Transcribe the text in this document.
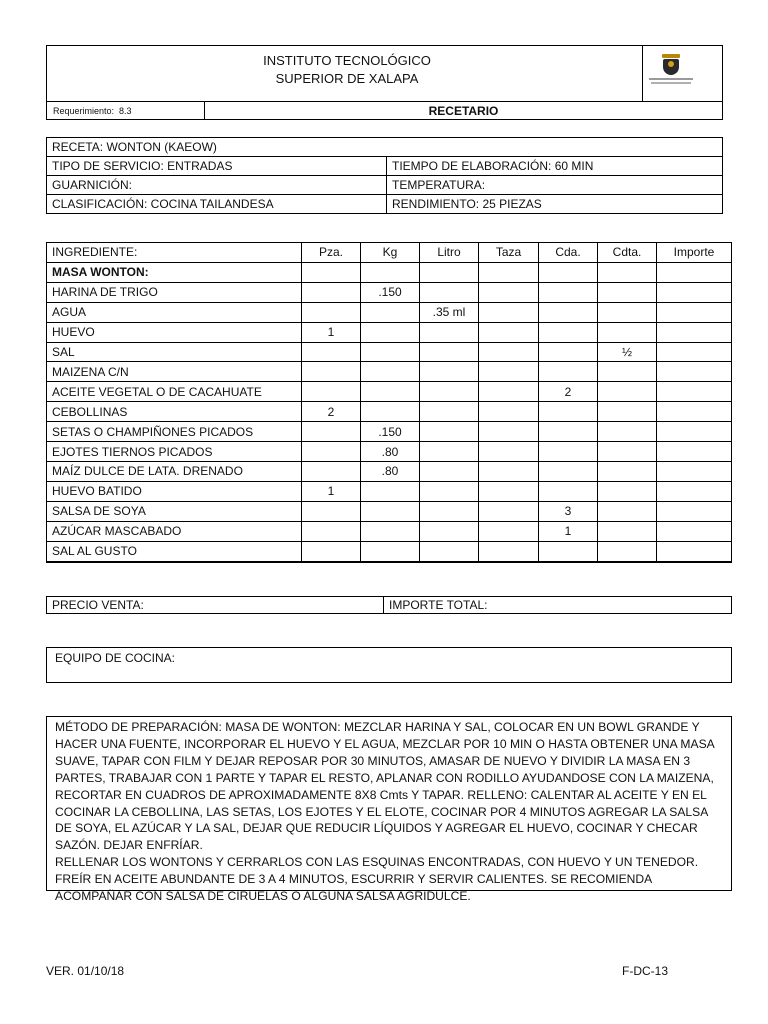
INSTITUTO TECNOLÓGICO
SUPERIOR DE XALAPA
Requerimiento: 8.3	RECETARIO
RECETA: WONTON (KAEOW)	
TIPO DE SERVICIO: ENTRADAS	TIEMPO DE ELABORACIÓN: 60 MIN
GUARNICIÓN:	TEMPERATURA:
CLASIFICACIÓN: COCINA TAILANDESA	RENDIMIENTO: 25 PIEZAS
INGREDIENTE:	Pza.	Kg	Litro	Taza	Cda.	Cdta.	Importe
MASA WONTON:							
HARINA DE TRIGO		.150					
AGUA			.35 ml				
HUEVO	1						
SAL						½	
MAIZENA C/N							
ACEITE VEGETAL O DE CACAHUATE					2		
CEBOLLINAS	2						
SETAS O CHAMPIÑONES PICADOS		.150					
EJOTES TIERNOS PICADOS		.80					
MAÍZ DULCE DE LATA. DRENADO		.80					
HUEVO BATIDO	1						
SALSA DE SOYA					3		
AZÚCAR MASCABADO					1		
SAL AL GUSTO							

PRECIO VENTA:	IMPORTE TOTAL:
EQUIPO DE COCINA:

MÉTODO DE PREPARACIÓN: MASA DE WONTON: MEZCLAR HARINA Y SAL, COLOCAR EN UN BOWL GRANDE Y HACER UNA FUENTE, INCORPORAR EL HUEVO Y EL AGUA, MEZCLAR POR 10 MIN O HASTA OBTENER UNA MASA SUAVE, TAPAR CON FILM Y DEJAR REPOSAR POR 30 MINUTOS, AMASAR DE NUEVO Y DIVIDIR LA MASA EN 3 PARTES, TRABAJAR CON 1 PARTE Y TAPAR EL RESTO, APLANAR CON RODILLO AYUDANDOSE CON LA MAIZENA, RECORTAR EN CUADROS DE APROXIMADAMENTE 8X8 Cmts Y TAPAR. RELLENO: CALENTAR AL ACEITE Y EN EL COCINAR LA CEBOLLINA, LAS SETAS, LOS EJOTES Y EL ELOTE, COCINAR POR 4 MINUTOS AGREGAR LA SALSA DE SOYA, EL AZÚCAR Y LA SAL, DEJAR QUE REDUCIR LÍQUIDOS Y AGREGAR EL HUEVO, COCINAR Y CHECAR SAZÓN. DEJAR ENFRÍAR.

RELLENAR LOS WONTONS Y CERRARLOS CON LAS ESQUINAS ENCONTRADAS, CON HUEVO Y UN TENEDOR. FREÍR EN ACEITE ABUNDANTE DE 3 A 4 MINUTOS, ESCURRIR Y SERVIR CALIENTES. SE RECOMIENDA ACOMPAÑAR CON SALSA DE CIRUELAS O ALGUNA SALSA AGRIDULCE.

VER. 01/10/18	F-DC-13
